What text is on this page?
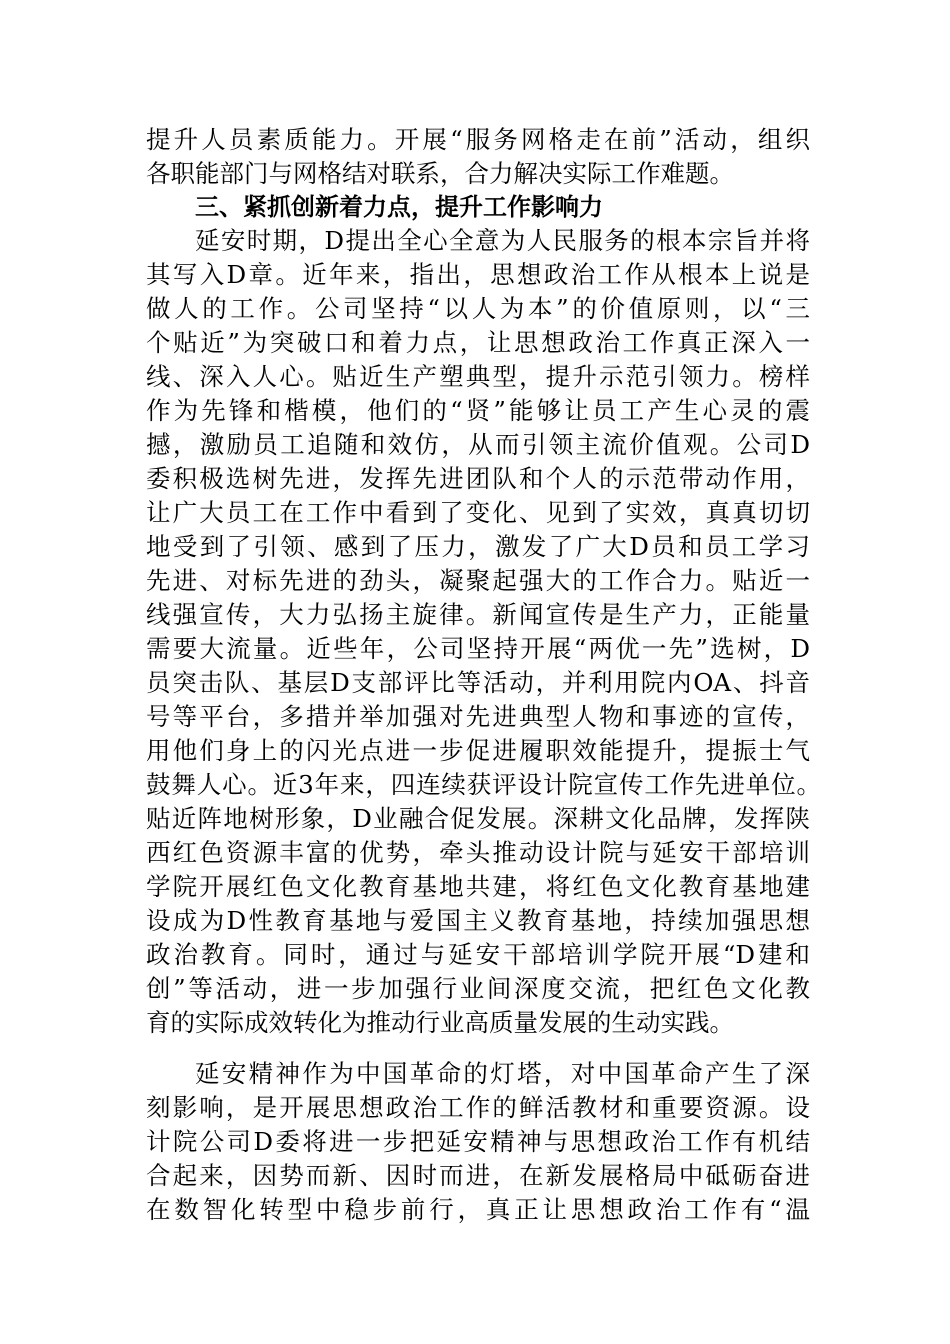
提升人员素质能力。开展“服务网格走在前”活动，组织
各职能部门与网格结对联系，合力解决实际工作难题。
三、紧抓创新着力点，提升工作影响力
延安时期，D提出全心全意为人民服务的根本宗旨并将
其写入D章。近年来，指出，思想政治工作从根本上说是
做人的工作。公司坚持“以人为本”的价值原则，以“三
个贴近”为突破口和着力点，让思想政治工作真正深入一
线、深入人心。贴近生产塑典型，提升示范引领力。榜样
作为先锋和楷模，他们的“贤”能够让员工产生心灵的震
撼，激励员工追随和效仿，从而引领主流价值观。公司D
委积极选树先进，发挥先进团队和个人的示范带动作用，
让广大员工在工作中看到了变化、见到了实效，真真切切
地受到了引领、感到了压力，激发了广大D员和员工学习
先进、对标先进的劲头，凝聚起强大的工作合力。贴近一
线强宣传，大力弘扬主旋律。新闻宣传是生产力，正能量
需要大流量。近些年，公司坚持开展“两优一先”选树，D
员突击队、基层D支部评比等活动，并利用院内OA、抖音
号等平台，多措并举加强对先进典型人物和事迹的宣传，
用他们身上的闪光点进一步促进履职效能提升，提振士气
鼓舞人心。近3年来，四连续获评设计院宣传工作先进单位。
贴近阵地树形象，D业融合促发展。深耕文化品牌，发挥陕
西红色资源丰富的优势，牵头推动设计院与延安干部培训
学院开展红色文化教育基地共建，将红色文化教育基地建
设成为D性教育基地与爱国主义教育基地，持续加强思想
政治教育。同时，通过与延安干部培训学院开展“D建和
创”等活动，进一步加强行业间深度交流，把红色文化教
育的实际成效转化为推动行业高质量发展的生动实践。
延安精神作为中国革命的灯塔，对中国革命产生了深
刻影响，是开展思想政治工作的鲜活教材和重要资源。设
计院公司D委将进一步把延安精神与思想政治工作有机结
合起来，因势而新、因时而进，在新发展格局中砥砺奋进
在数智化转型中稳步前行，真正让思想政治工作有“温
